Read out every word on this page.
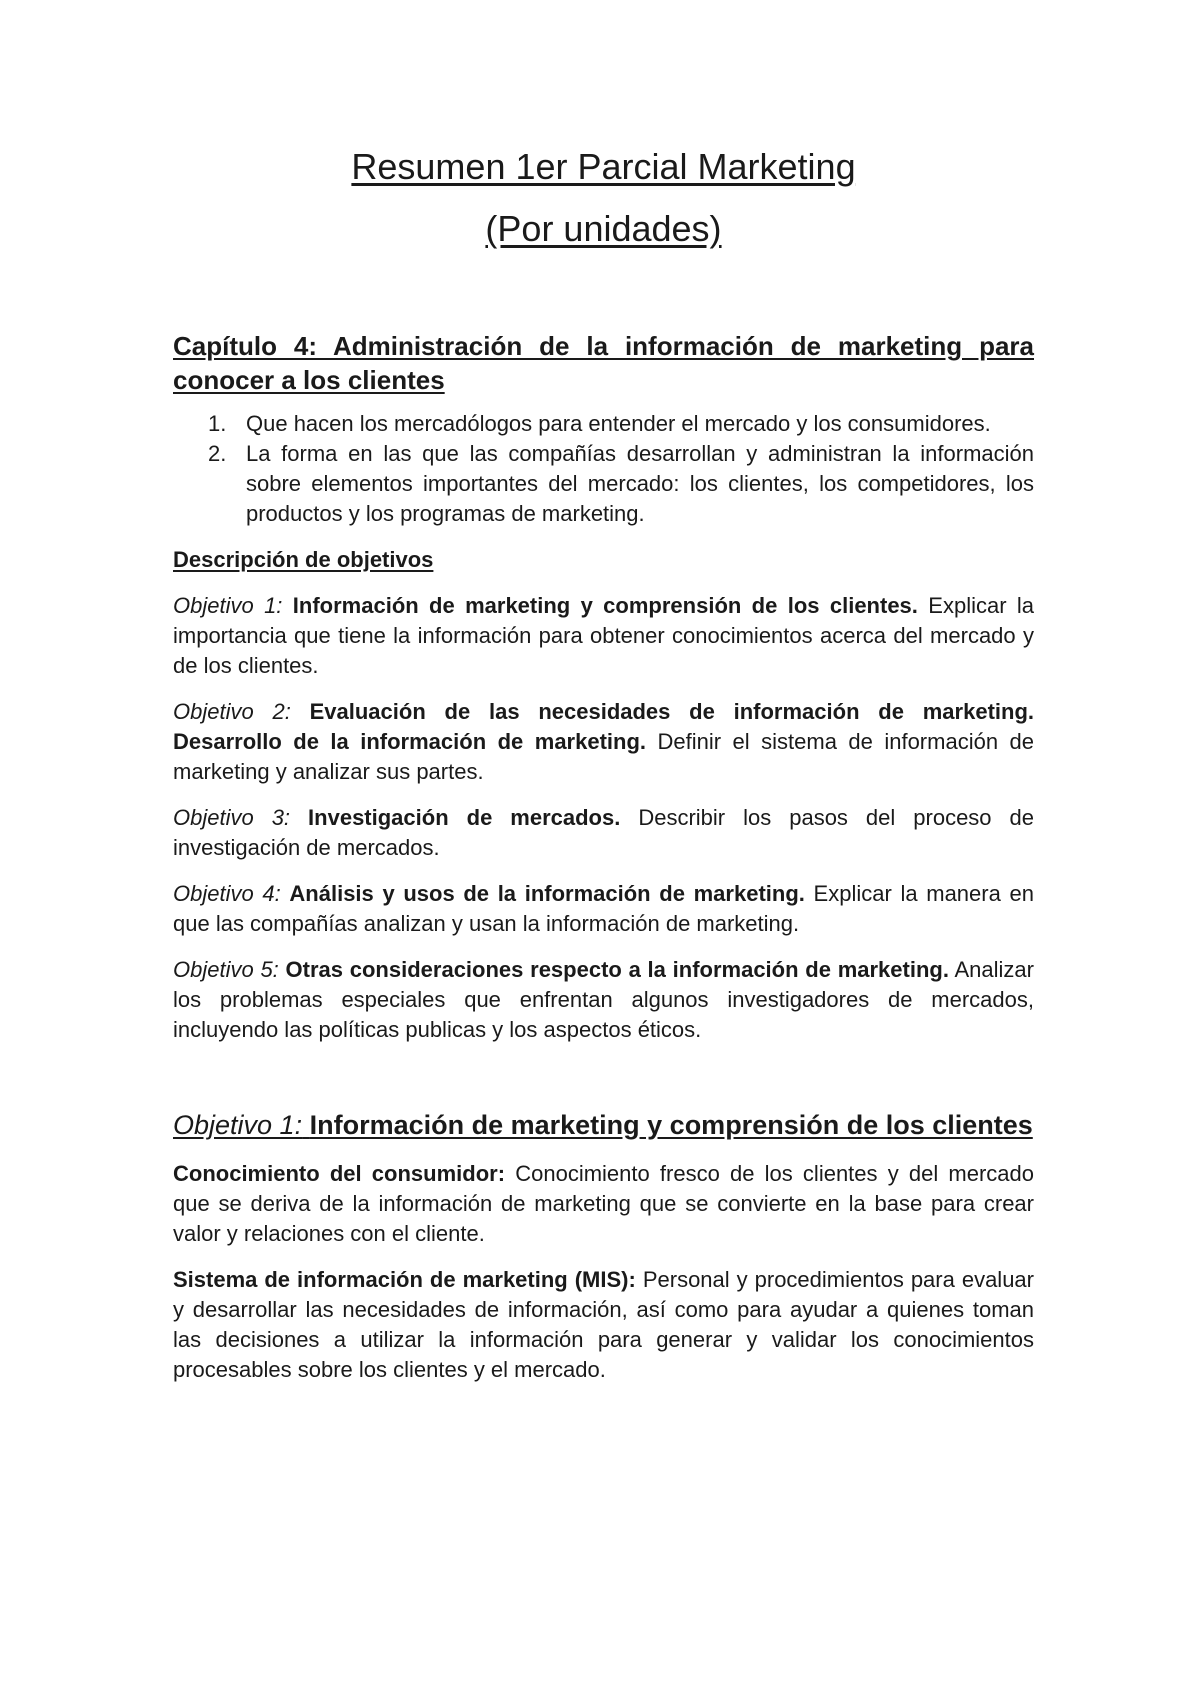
Resumen 1er Parcial Marketing
(Por unidades)
Capítulo 4: Administración de la información de marketing para conocer a los clientes
1. Que hacen los mercadólogos para entender el mercado y los consumidores.
2. La forma en las que las compañías desarrollan y administran la información sobre elementos importantes del mercado: los clientes, los competidores, los productos y los programas de marketing.
Descripción de objetivos

Objetivo 1: Información de marketing y comprensión de los clientes. Explicar la importancia que tiene la información para obtener conocimientos acerca del mercado y de los clientes.

Objetivo 2: Evaluación de las necesidades de información de marketing. Desarrollo de la información de marketing. Definir el sistema de información de marketing y analizar sus partes.

Objetivo 3: Investigación de mercados. Describir los pasos del proceso de investigación de mercados.

Objetivo 4: Análisis y usos de la información de marketing. Explicar la manera en que las compañías analizan y usan la información de marketing.

Objetivo 5: Otras consideraciones respecto a la información de marketing. Analizar los problemas especiales que enfrentan algunos investigadores de mercados, incluyendo las políticas publicas y los aspectos éticos.

Objetivo 1: Información de marketing y comprensión de los clientes

Conocimiento del consumidor: Conocimiento fresco de los clientes y del mercado que se deriva de la información de marketing que se convierte en la base para crear valor y relaciones con el cliente.

Sistema de información de marketing (MIS): Personal y procedimientos para evaluar y desarrollar las necesidades de información, así como para ayudar a quienes toman las decisiones a utilizar la información para generar y validar los conocimientos procesables sobre los clientes y el mercado.
